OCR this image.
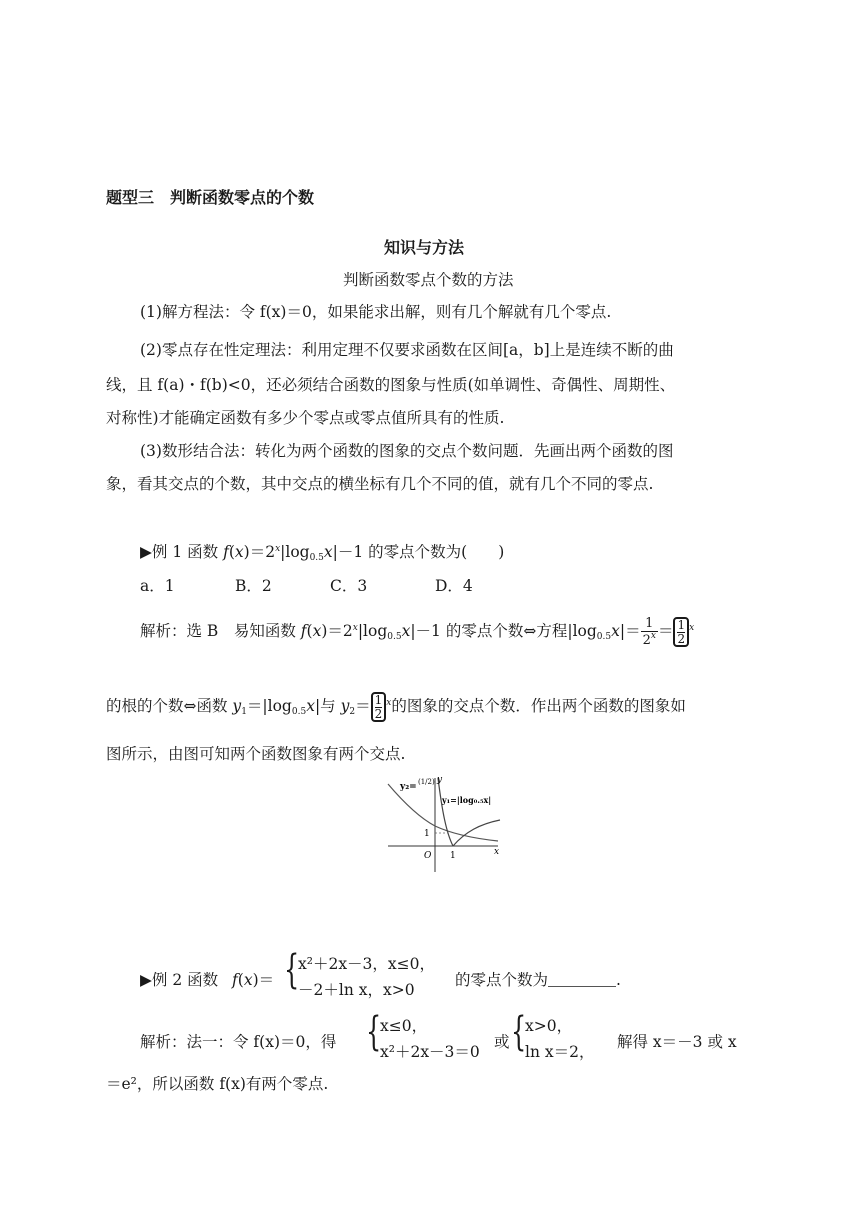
题型三　判断函数零点的个数
知识与方法
判断函数零点个数的方法
(1)解方程法：令 f(x)＝0，如果能求出解，则有几个解就有几个零点.
(2)零点存在性定理法：利用定理不仅要求函数在区间[a，b]上是连续不断的曲
线，且 f(a)・f(b)<0，还必须结合函数的图象与性质(如单调性、奇偶性、周期性、
对称性)才能确定函数有多少个零点或零点值所具有的性质.
(3)数形结合法：转化为两个函数的图象的交点个数问题．先画出两个函数的图
象，看其交点的个数，其中交点的横坐标有几个不同的值，就有几个不同的零点.
▶例 1 函数 $f(x)=2^x|\log_{0.5}x|-1$ 的零点个数为(　　)
a．1	B．2	C．3	D．4
解析：选 B　易知函数 $f(x)=2^x|\log_{0.5}x|-1$ 的零点个数⇔方程$|\log_{0.5}x|= \frac{1}{2^x} = \frac{1}{2} ^x$
的根的个数⇔函数 $y_1=|\log_{0.5}x|$与 $y_2= \frac{1}{2} ^x$的图象的交点个数．作出两个函数的图象如
图所示，由图可知两个函数图象有两个交点.
y₂= (1/2)
y₁=|log₀.₅x|
1
O 1	x
y
▶例 2 函数 f(x)＝ {
x²＋2x－3，x≤0，
－2＋ln x，x>0
的零点个数为	.
解析：法一：令 f(x)＝0，得 {
x≤0，
x²＋2x－3＝0
或 {
x>0，
ln x＝2，
解得 x＝－3 或 x
＝e²，所以函数 f(x)有两个零点.
